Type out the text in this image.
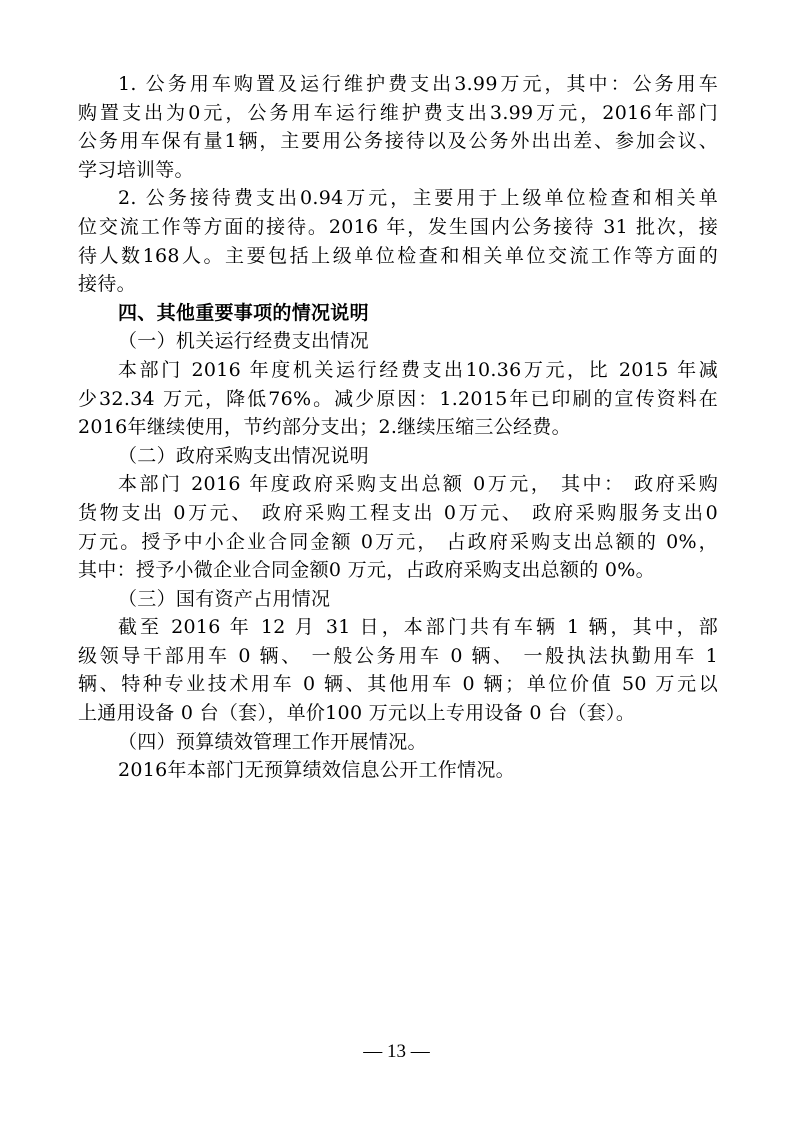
1. 公务用车购置及运行维护费支出3.99万元，其中：公务用车
购置支出为0元，公务用车运行维护费支出3.99万元，2016年部门
公务用车保有量1辆，主要用公务接待以及公务外出出差、参加会议、
学习培训等。
2. 公务接待费支出0.94万元，主要用于上级单位检查和相关单
位交流工作等方面的接待。2016 年，发生国内公务接待 31 批次，接
待人数168人。主要包括上级单位检查和相关单位交流工作等方面的
接待。
四、其他重要事项的情况说明
（一）机关运行经费支出情况
本部门 2016 年度机关运行经费支出10.36万元，比 2015 年减
少32.34 万元，降低76%。减少原因：1.2015年已印刷的宣传资料在
2016年继续使用，节约部分支出；2.继续压缩三公经费。
（二）政府采购支出情况说明
本部门 2016 年度政府采购支出总额 0万元， 其中： 政府采购
货物支出 0万元、 政府采购工程支出 0万元、 政府采购服务支出0
万元。授予中小企业合同金额 0万元， 占政府采购支出总额的 0%，
其中：授予小微企业合同金额0 万元，占政府采购支出总额的 0%。
（三）国有资产占用情况
截至 2016 年 12 月 31 日，本部门共有车辆 1 辆，其中，部
级领导干部用车 0 辆、 一般公务用车 0 辆、 一般执法执勤用车 1
辆、特种专业技术用车 0 辆、其他用车 0 辆；单位价值 50 万元以
上通用设备 0 台（套），单价100 万元以上专用设备 0 台（套）。
（四）预算绩效管理工作开展情况。
2016年本部门无预算绩效信息公开工作情况。
— 13 —
